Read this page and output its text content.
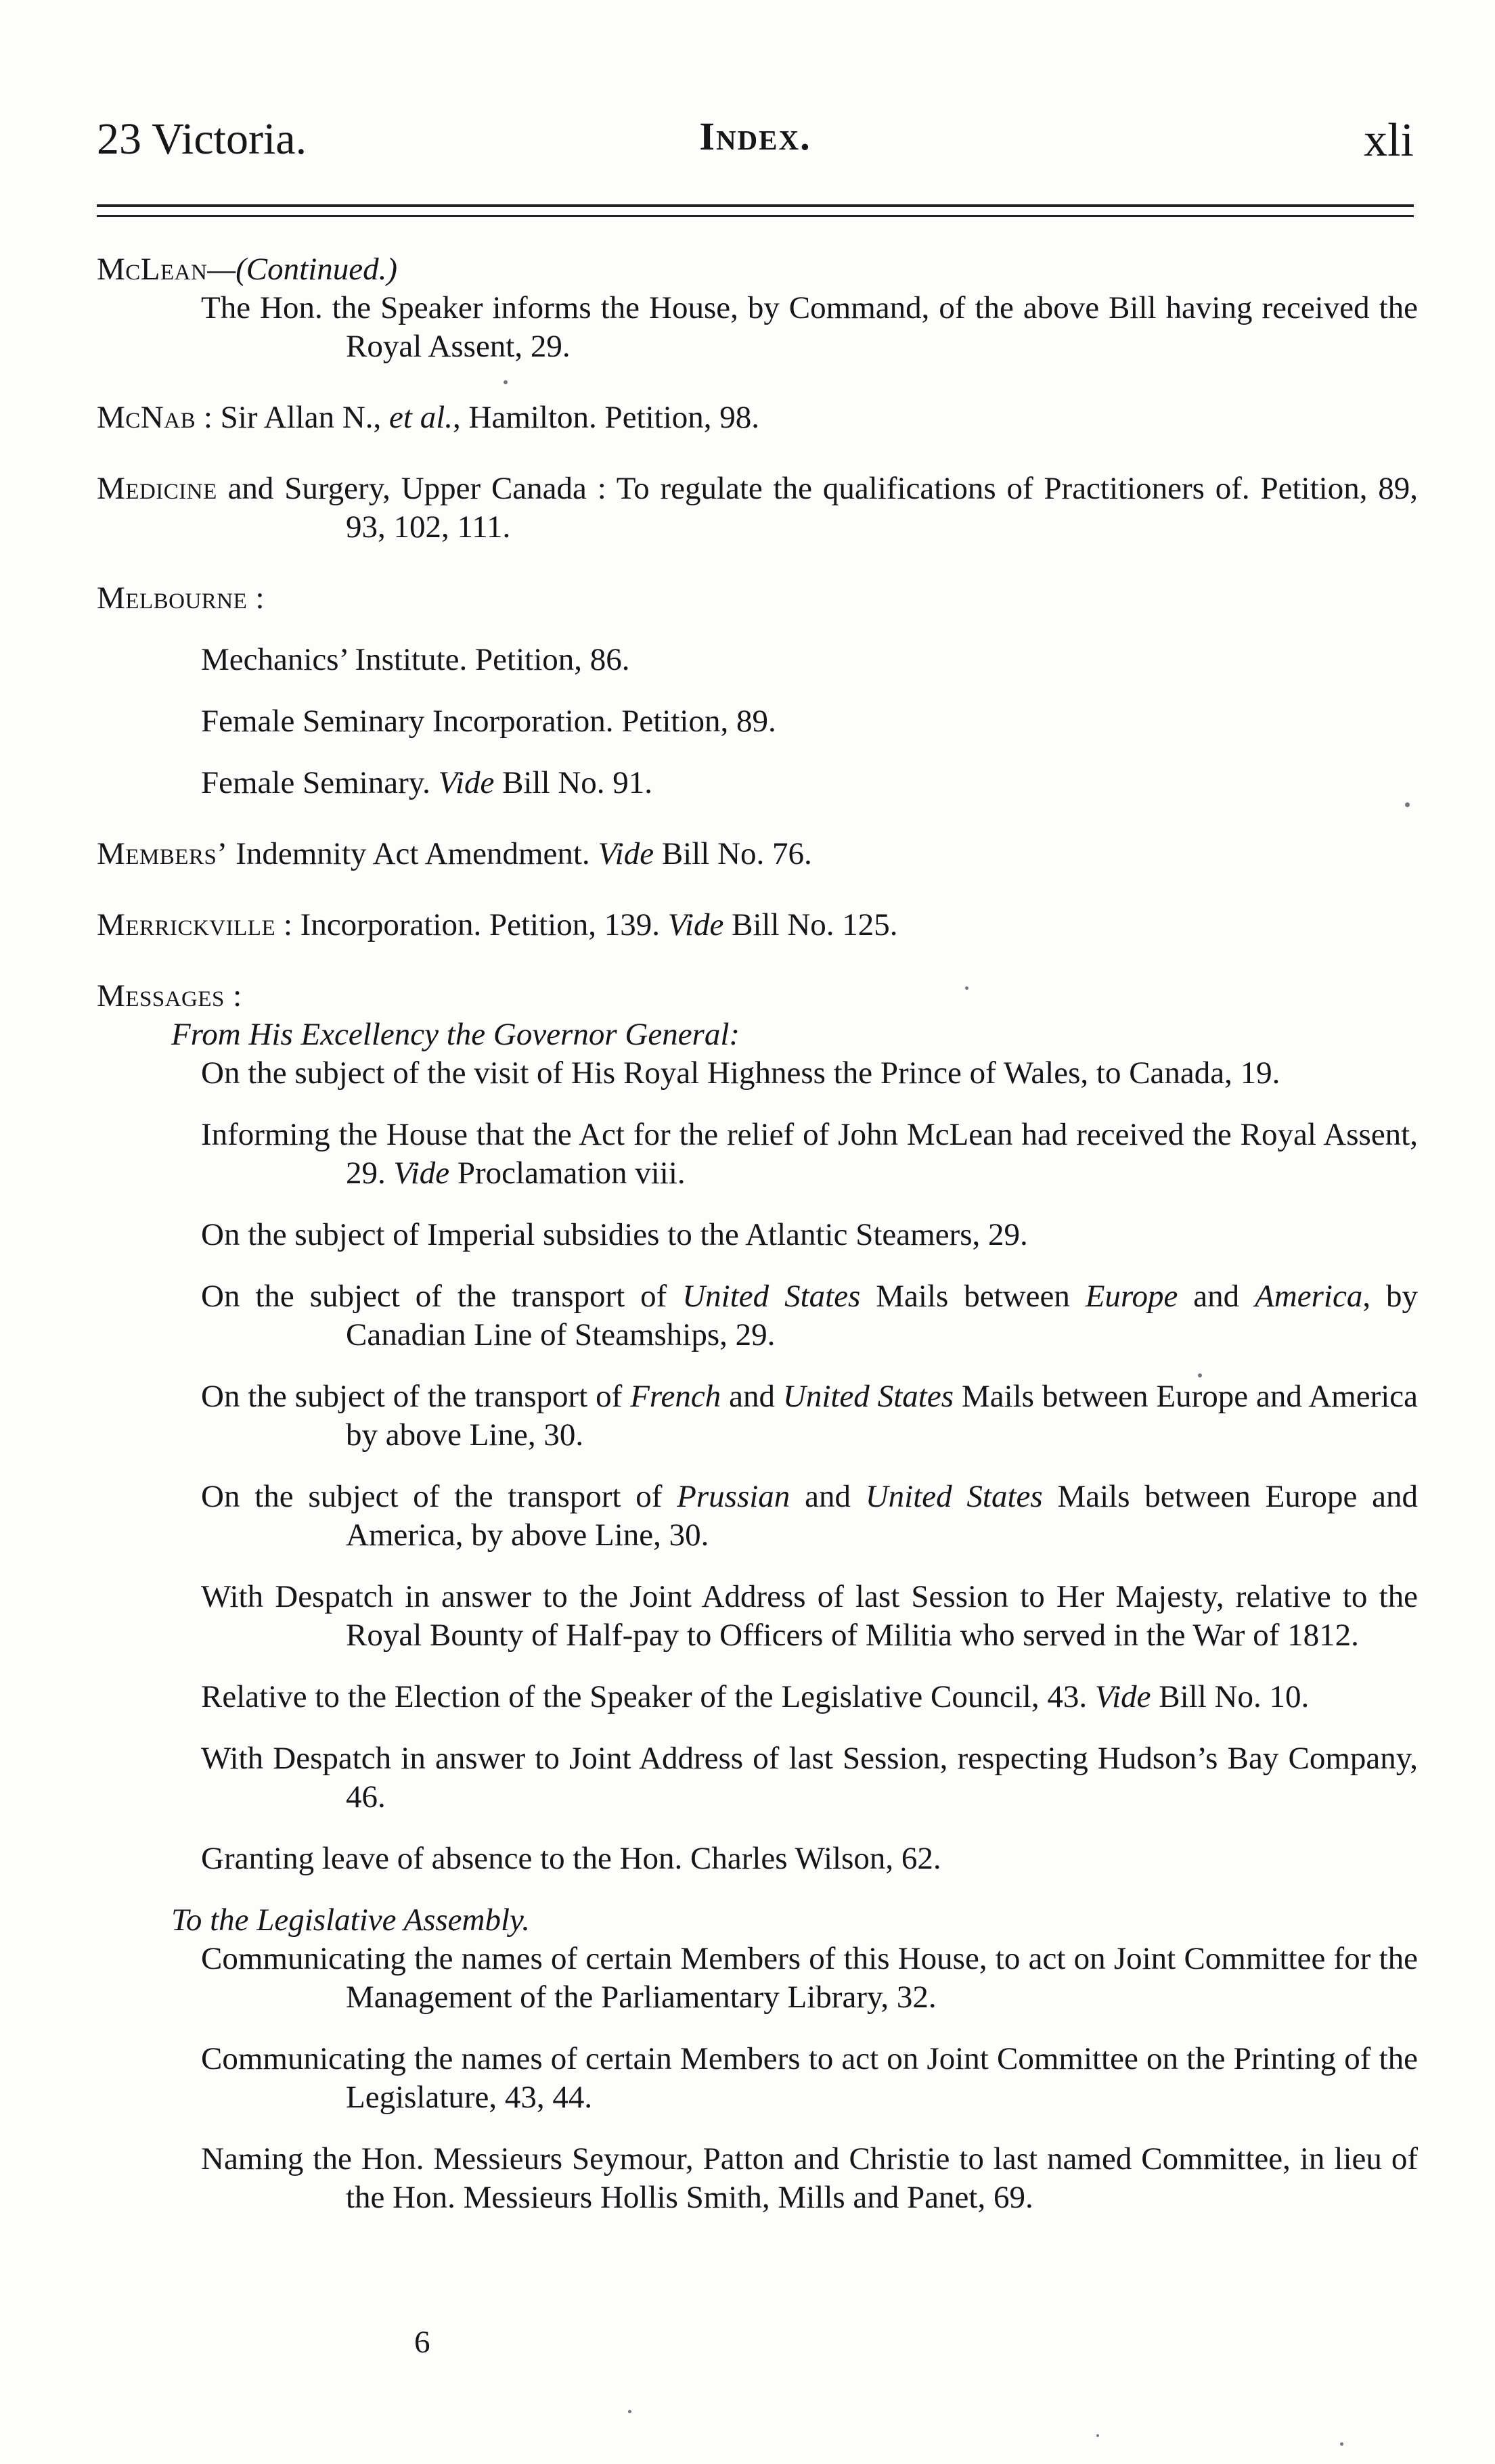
23 Victoria.	Index.	xli

McLean—(Continued.)

The Hon. the Speaker informs the House, by Command, of the above Bill having received the Royal Assent, 29.

McNab : Sir Allan N., et al., Hamilton. Petition, 98.

Medicine and Surgery, Upper Canada : To regulate the qualifications of Practitioners of. Petition, 89, 93, 102, 111.

Melbourne :

Mechanics’ Institute. Petition, 86.

Female Seminary Incorporation. Petition, 89.

Female Seminary. Vide Bill No. 91.

Members’ Indemnity Act Amendment. Vide Bill No. 76.

Merrickville : Incorporation. Petition, 139. Vide Bill No. 125.

Messages :

From His Excellency the Governor General:

On the subject of the visit of His Royal Highness the Prince of Wales, to Canada, 19.

Informing the House that the Act for the relief of John McLean had received the Royal Assent, 29. Vide Proclamation viii.

On the subject of Imperial subsidies to the Atlantic Steamers, 29.

On the subject of the transport of United States Mails between Europe and America, by Canadian Line of Steamships, 29.

On the subject of the transport of French and United States Mails between Europe and America by above Line, 30.

On the subject of the transport of Prussian and United States Mails between Europe and America, by above Line, 30.

With Despatch in answer to the Joint Address of last Session to Her Majesty, relative to the Royal Bounty of Half-pay to Officers of Militia who served in the War of 1812.

Relative to the Election of the Speaker of the Legislative Council, 43. Vide Bill No. 10.

With Despatch in answer to Joint Address of last Session, respecting Hudson’s Bay Company, 46.

Granting leave of absence to the Hon. Charles Wilson, 62.

To the Legislative Assembly.

Communicating the names of certain Members of this House, to act on Joint Committee for the Management of the Parliamentary Library, 32.

Communicating the names of certain Members to act on Joint Committee on the Printing of the Legislature, 43, 44.

Naming the Hon. Messieurs Seymour, Patton and Christie to last named Committee, in lieu of the Hon. Messieurs Hollis Smith, Mills and Panet, 69.

6
